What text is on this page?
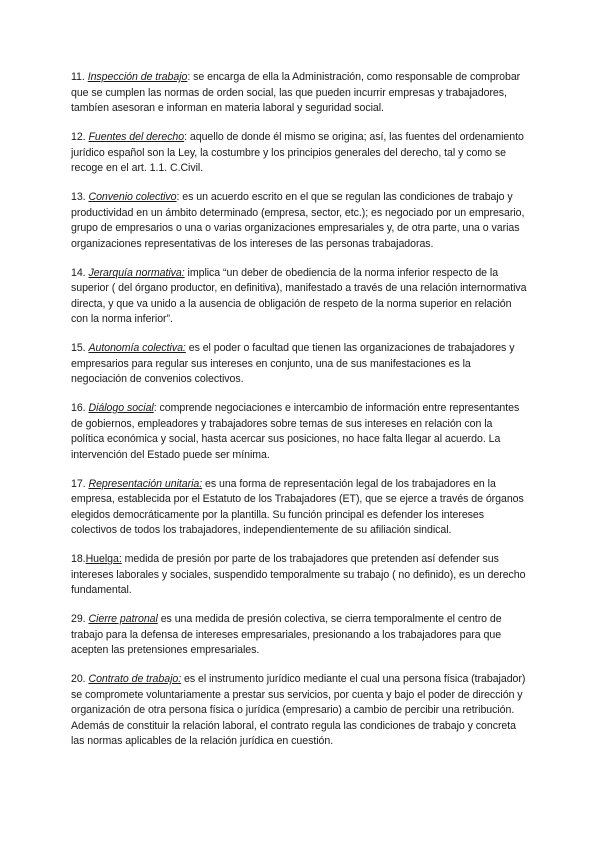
11. Inspección de trabajo: se encarga de ella la Administración, como responsable de comprobar que se cumplen las normas de orden social, las que pueden incurrir empresas y trabajadores, tambíen asesoran e informan en materia laboral y seguridad social.

12. Fuentes del derecho: aquello de donde él mismo se origina; así, las fuentes del ordenamiento jurídico español son la Ley, la costumbre y los principios generales del derecho, tal y como se recoge en el art. 1.1. C.Civil.

13. Convenio colectivo: es un acuerdo escrito en el que se regulan las condiciones de trabajo y productividad en un ámbito determinado (empresa, sector, etc.); es negociado por un empresario, grupo de empresarios o una o varias organizaciones empresariales y, de otra parte, una o varias organizaciones representativas de los intereses de las personas trabajadoras.

14. Jerarquía normativa: implica “un deber de obediencia de la norma inferior respecto de la superior ( del órgano productor, en definitiva), manifestado a través de una relación internormativa directa, y que va unido a la ausencia de obligación de respeto de la norma superior en relación con la norma inferior”.

15. Autonomía colectiva: es el poder o facultad que tienen las organizaciones de trabajadores y empresarios para regular sus intereses en conjunto, una de sus manifestaciones es la negociación de convenios colectivos.

16. Diálogo social: comprende negociaciones e intercambio de información entre representantes de gobiernos, empleadores y trabajadores sobre temas de sus intereses en relación con la política económica y social, hasta acercar sus posiciones, no hace falta llegar al acuerdo. La intervención del Estado puede ser mínima.

17. Representación unitaria: es una forma de representación legal de los trabajadores en la empresa, establecida por el Estatuto de los Trabajadores (ET), que se ejerce a través de órganos elegidos democráticamente por la plantilla. Su función principal es defender los intereses colectivos de todos los trabajadores, independientemente de su afiliación sindical.

18.Huelga: medida de presión por parte de los trabajadores que pretenden así defender sus intereses laborales y sociales, suspendido temporalmente su trabajo ( no definido), es un derecho fundamental.

29. Cierre patronal es una medida de presión colectiva, se cierra temporalmente el centro de trabajo para la defensa de intereses empresariales, presionando a los trabajadores para que acepten las pretensiones empresariales.

20. Contrato de trabajo: es el instrumento jurídico mediante el cual una persona física (trabajador) se compromete voluntariamente a prestar sus servicios, por cuenta y bajo el poder de dirección y organización de otra persona física o jurídica (empresario) a cambio de percibir una retribución. Además de constituir la relación laboral, el contrato regula las condiciones de trabajo y concreta las normas aplicables de la relación jurídica en cuestión.
